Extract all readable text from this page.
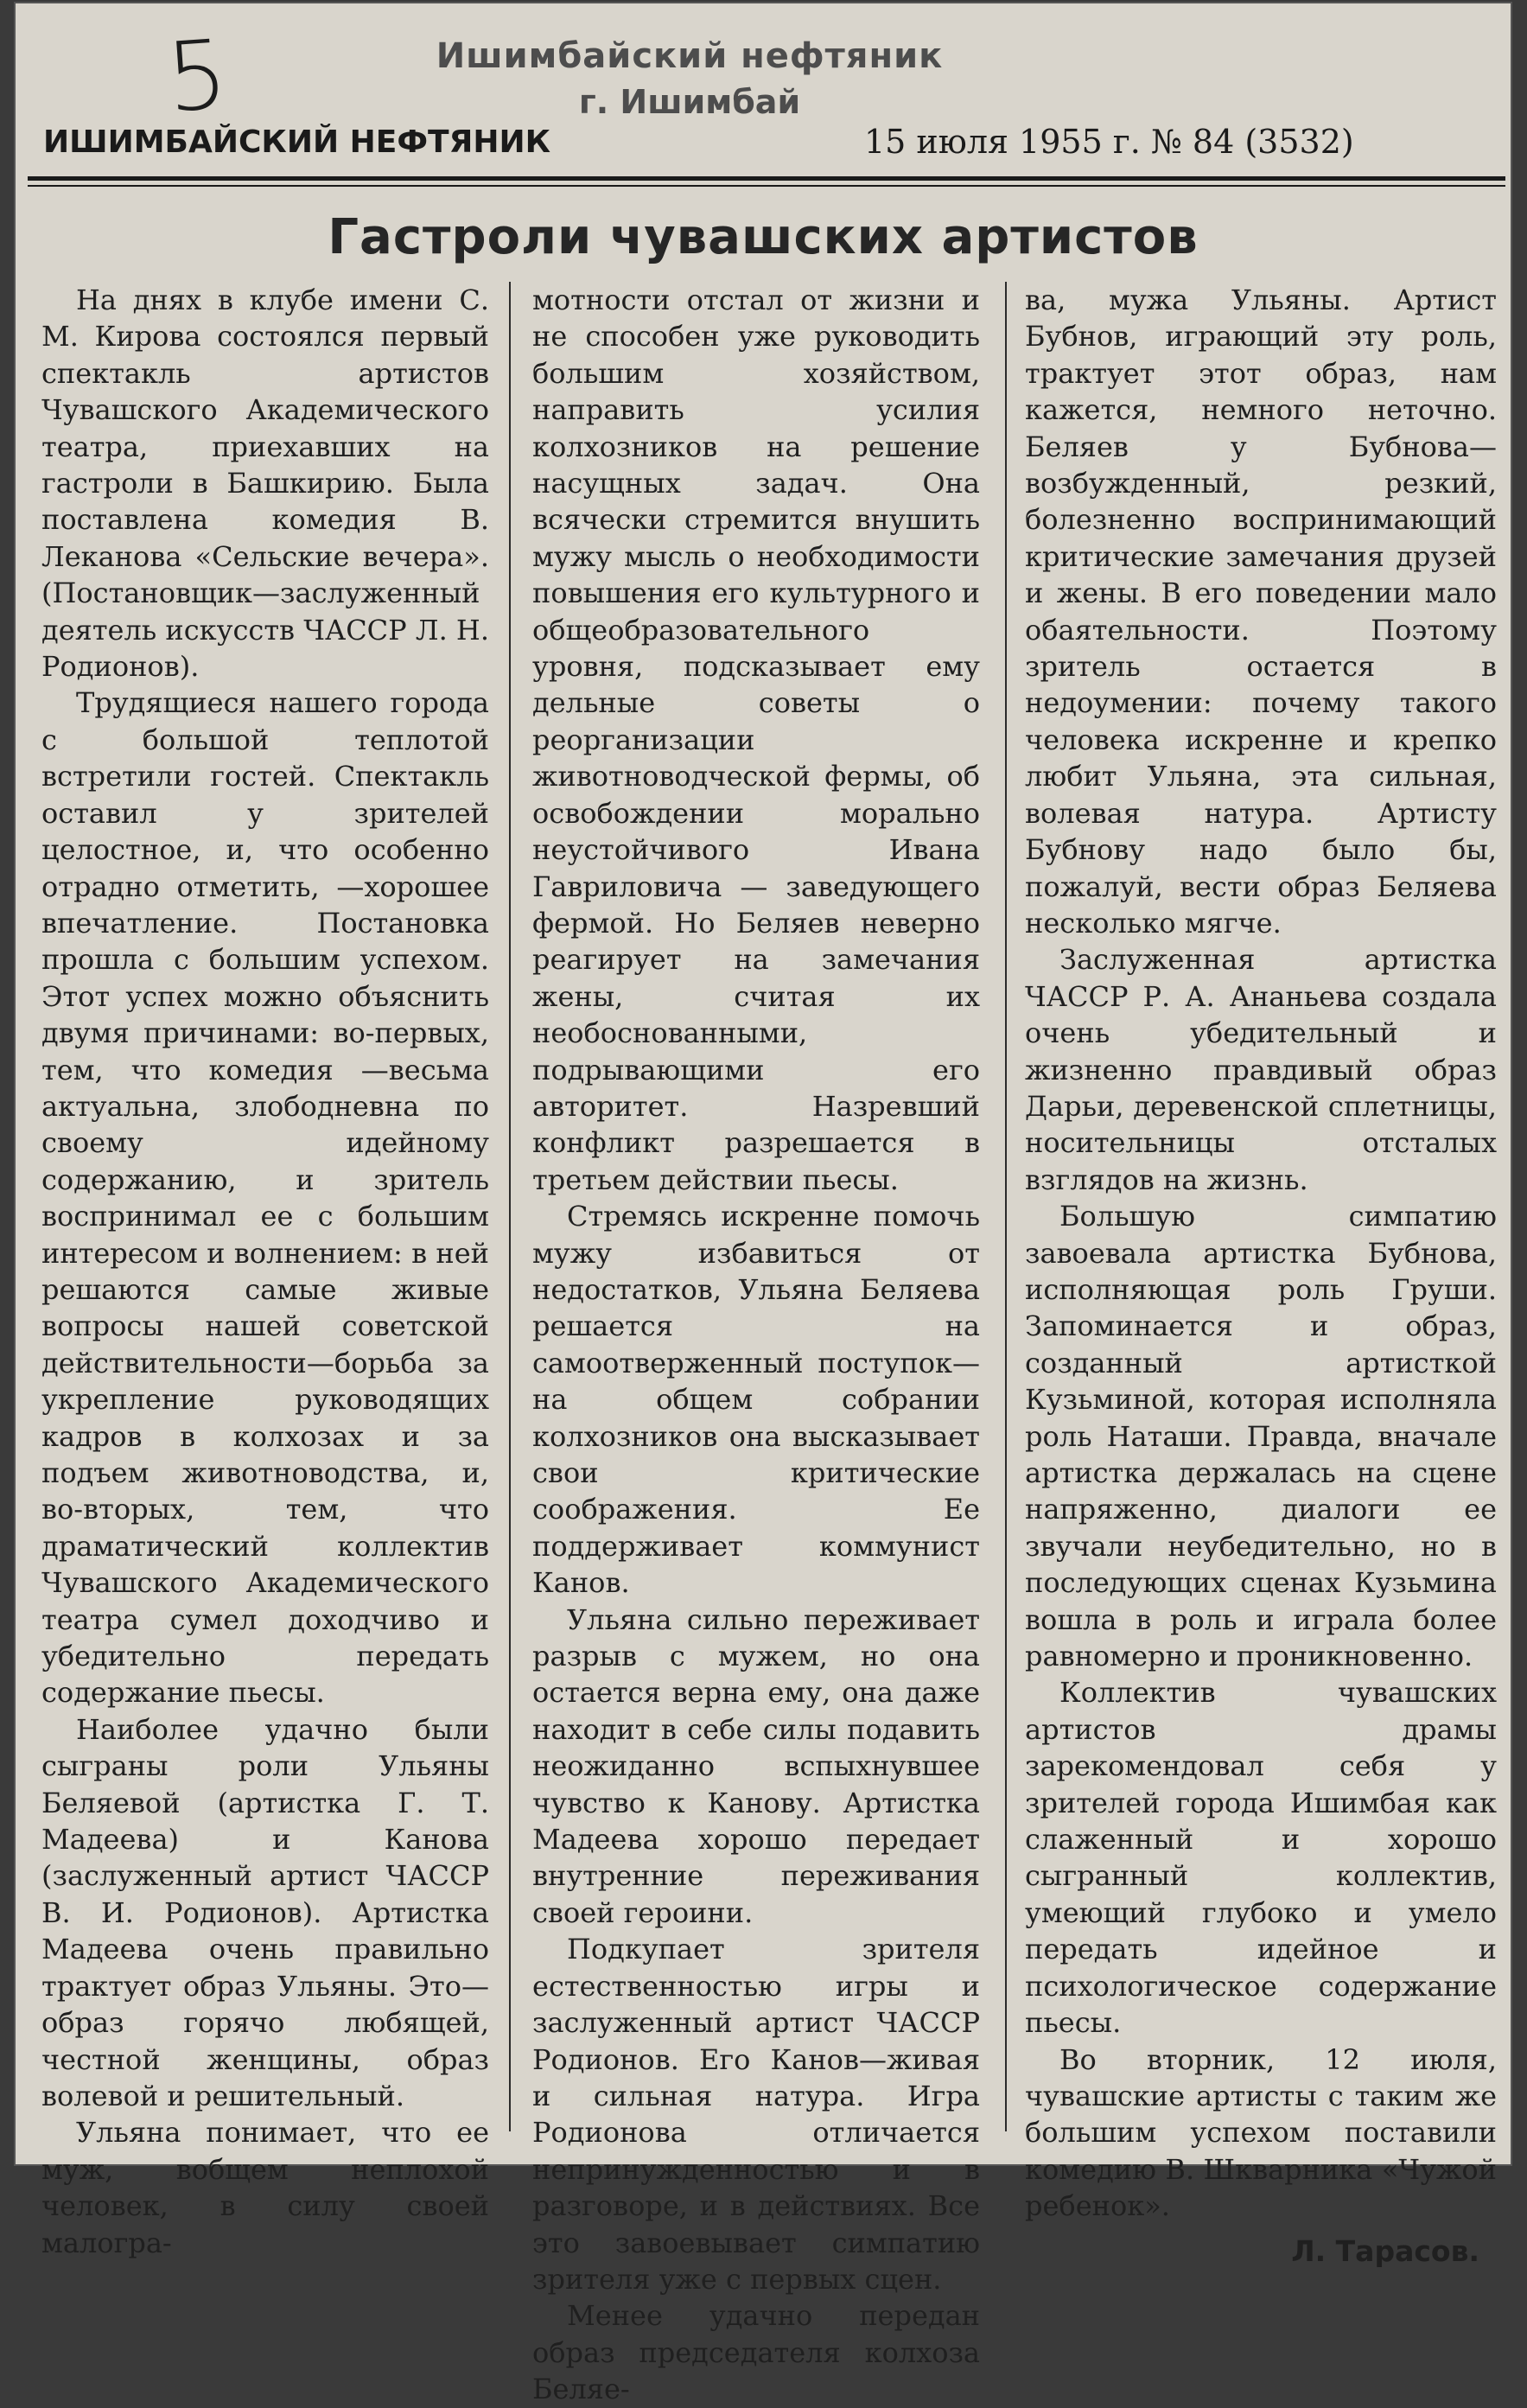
5	Ишимбайский нефтяник
г. Ишимбай
ИШИМБАЙСКИЙ НЕФТЯНИК	15 июля 1955 г. № 84 (3532)
Гастроли чувашских артистов

На днях в клубе имени С. М. Кирова состоялся первый спектакль артистов Чувашского Академического театра, приехавших на гастроли в Башкирию. Была поставлена комедия В. Леканова «Сельские вечера». (Постановщик—заслуженный деятель искусств ЧАССР Л. Н. Родионов).

Трудящиеся нашего города с большой теплотой встретили гостей. Спектакль оставил у зрителей целостное, и, что особенно отрадно отметить, —хорошее впечатление. Постановка прошла с большим успехом. Этот успех можно объяснить двумя причинами: во-первых, тем, что комедия —весьма актуальна, злободневна по своему идейному содержанию, и зритель воспринимал ее с большим интересом и волнением: в ней решаются самые живые вопросы нашей советской действительности—борьба за укрепление руководящих кадров в колхозах и за подъем животноводства, и, во-вторых, тем, что драматический коллектив Чувашского Академического театра сумел доходчиво и убедительно передать содержание пьесы.

Наиболее удачно были сыграны роли Ульяны Беляевой (артистка Г. Т. Мадеева) и Канова (заслуженный артист ЧАССР В. И. Родионов). Артистка Мадеева очень правильно трактует образ Ульяны. Это—образ горячо любящей, честной женщины, образ волевой и решительный.

Ульяна понимает, что ее муж, вобщем неплохой человек, в силу своей малогра-

мотности отстал от жизни и не способен уже руководить большим хозяйством, направить усилия колхозников на решение насущных задач. Она всячески стремится внушить мужу мысль о необходимости повышения его культурного и общеобразовательного уровня, подсказывает ему дельные советы о реорганизации животноводческой фермы, об освобождении морально неустойчивого Ивана Гавриловича — заведующего фермой. Но Беляев неверно реагирует на замечания жены, считая их необоснованными, подрывающими его авторитет. Назревший конфликт разрешается в третьем действии пьесы.

Стремясь искренне помочь мужу избавиться от недостатков, Ульяна Беляева решается на самоотверженный поступок—на общем собрании колхозников она высказывает свои критические соображения. Ее поддерживает коммунист Канов.

Ульяна сильно переживает разрыв с мужем, но она остается верна ему, она даже находит в себе силы подавить неожиданно вспыхнувшее чувство к Канову. Артистка Мадеева хорошо передает внутренние переживания своей героини.

Подкупает зрителя естественностью игры и заслуженный артист ЧАССР Родионов. Его Канов—живая и сильная натура. Игра Родионова отличается непринужденностью и в разговоре, и в действиях. Все это завоевывает симпатию зрителя уже с первых сцен.

Менее удачно передан образ председателя колхоза Беляе-

ва, мужа Ульяны. Артист Бубнов, играющий эту роль, трактует этот образ, нам кажется, немного неточно. Беляев у Бубнова—возбужденный, резкий, болезненно воспринимающий критические замечания друзей и жены. В его поведении мало обаятельности. Поэтому зритель остается в недоумении: почему такого человека искренне и крепко любит Ульяна, эта сильная, волевая натура. Артисту Бубнову надо было бы, пожалуй, вести образ Беляева несколько мягче.

Заслуженная артистка ЧАССР Р. А. Ананьева создала очень убедительный и жизненно правдивый образ Дарьи, деревенской сплетницы, носительницы отсталых взглядов на жизнь.

Большую симпатию завоевала артистка Бубнова, исполняющая роль Груши. Запоминается и образ, созданный артисткой Кузьминой, которая исполняла роль Наташи. Правда, вначале артистка держалась на сцене напряженно, диалоги ее звучали неубедительно, но в последующих сценах Кузьмина вошла в роль и играла более равномерно и проникновенно.

Коллектив чувашских артистов драмы зарекомендовал себя у зрителей города Ишимбая как слаженный и хорошо сыгранный коллектив, умеющий глубоко и умело передать идейное и психологическое содержание пьесы.

Во вторник, 12 июля, чувашские артисты с таким же большим успехом поставили комедию В. Шкварника «Чужой ребенок».

Л. Тарасов.
